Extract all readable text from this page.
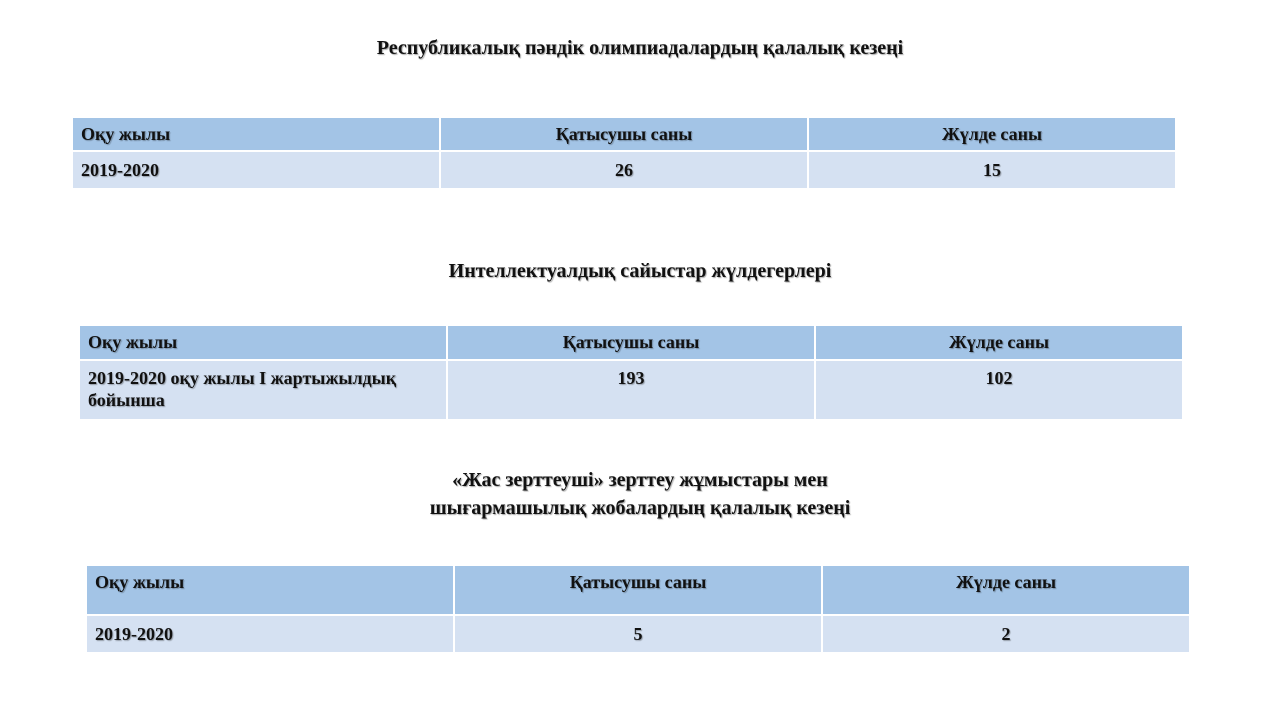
Республикалық пәндік олимпиадалардың қалалық кезеңі
Оқу жылы	Қатысушы саны	Жүлде саны
2019-2020	26	15
Интеллектуалдық сайыстар жүлдегерлері
Оқу жылы	Қатысушы саны	Жүлде саны
2019-2020 оқу жылы І жартыжылдық бойынша	193	102
«Жас зерттеуші» зерттеу жұмыстары мен
шығармашылық жобалардың қалалық кезеңі
Оқу жылы	Қатысушы саны	Жүлде саны
2019-2020	5	2
